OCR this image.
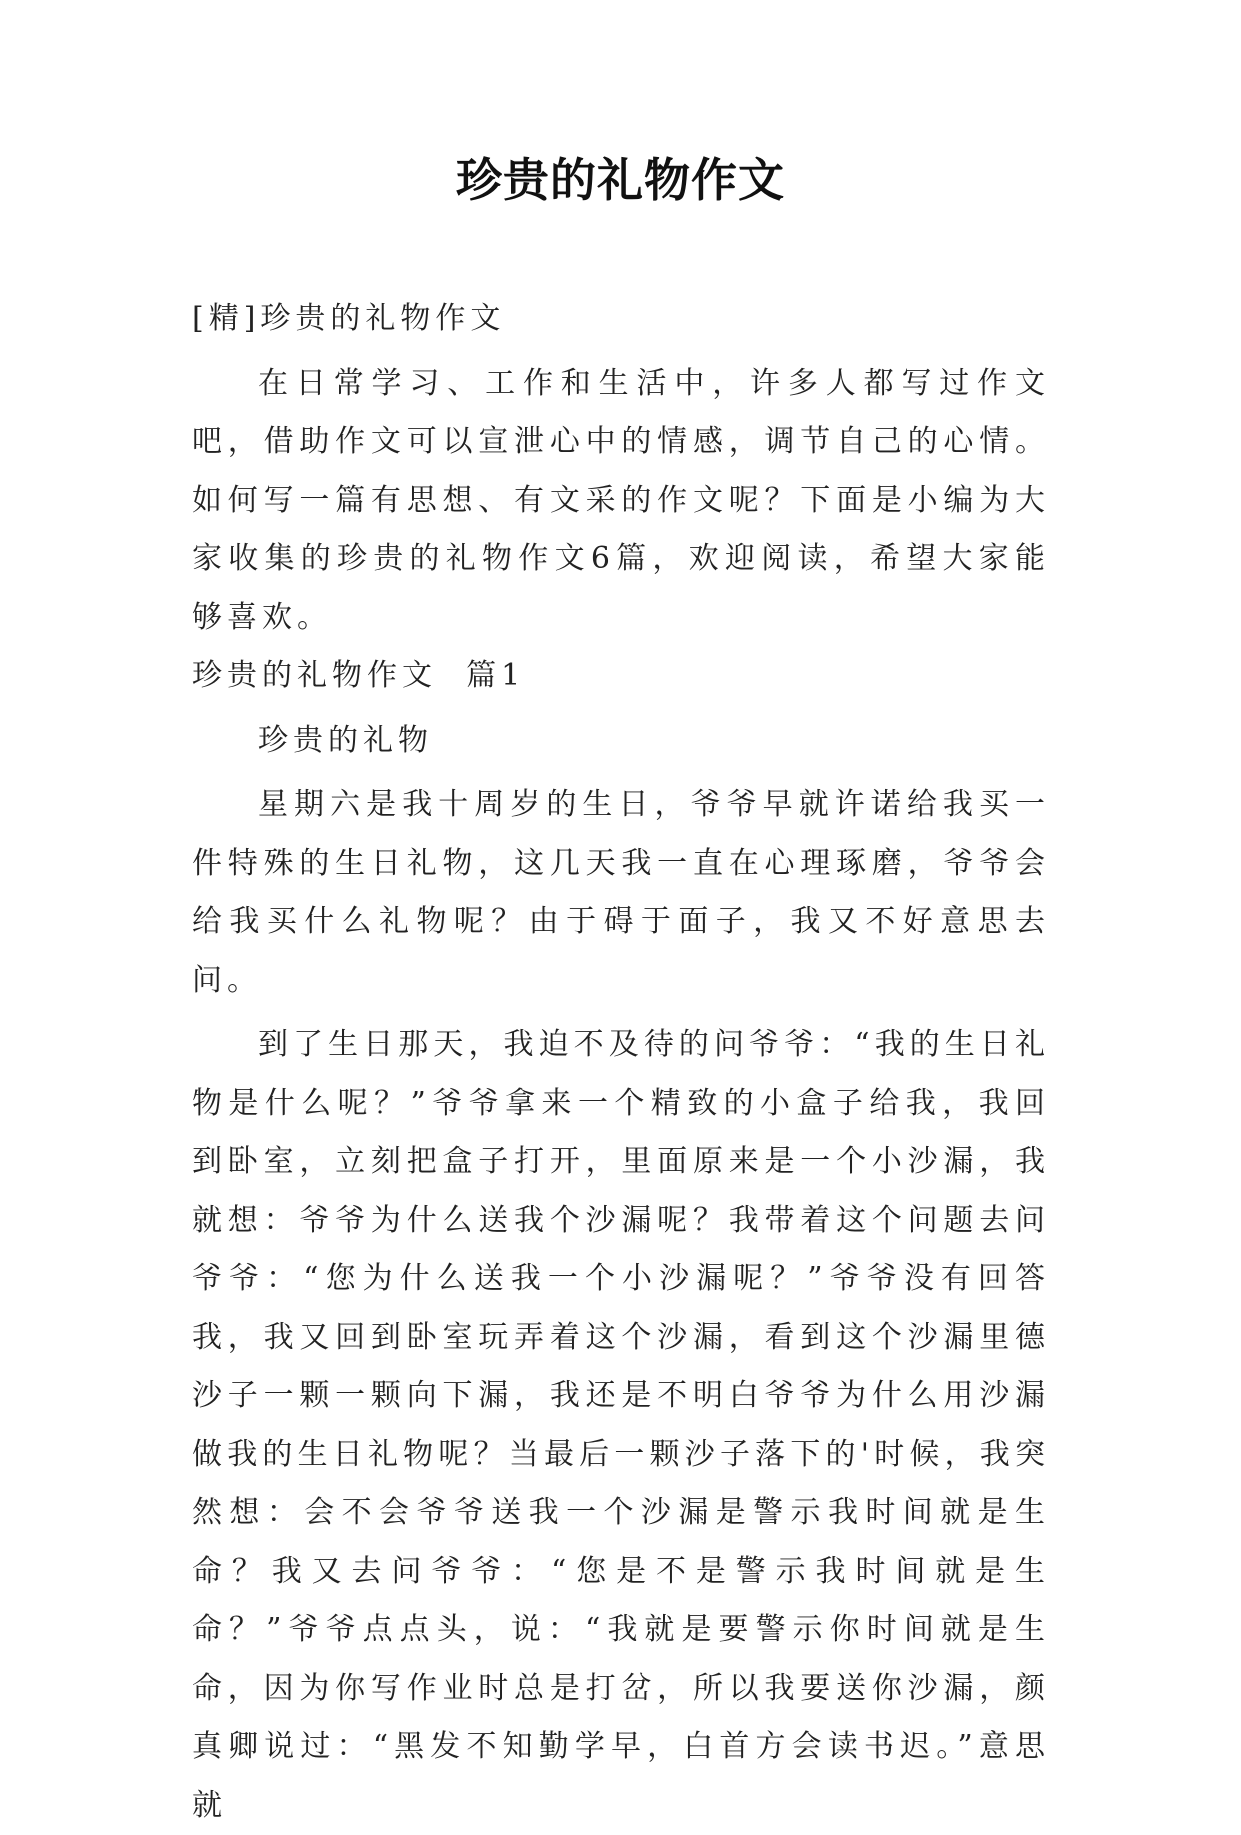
珍贵的礼物作文

[精]珍贵的礼物作文

在日常学习、工作和生活中，许多人都写过作文吧，借助作文可以宣泄心中的情感，调节自己的心情。如何写一篇有思想、有文采的作文呢？下面是小编为大家收集的珍贵的礼物作文6篇，欢迎阅读，希望大家能够喜欢。

珍贵的礼物作文  篇1

珍贵的礼物

星期六是我十周岁的生日，爷爷早就许诺给我买一件特殊的生日礼物，这几天我一直在心理琢磨，爷爷会给我买什么礼物呢？由于碍于面子，我又不好意思去问。

到了生日那天，我迫不及待的问爷爷：“我的生日礼物是什么呢？”爷爷拿来一个精致的小盒子给我，我回到卧室，立刻把盒子打开，里面原来是一个小沙漏，我就想：爷爷为什么送我个沙漏呢？我带着这个问题去问爷爷：“您为什么送我一个小沙漏呢？”爷爷没有回答我，我又回到卧室玩弄着这个沙漏，看到这个沙漏里德沙子一颗一颗向下漏，我还是不明白爷爷为什么用沙漏做我的生日礼物呢？当最后一颗沙子落下的'时候，我突然想：会不会爷爷送我一个沙漏是警示我时间就是生命？我又去问爷爷：“您是不是警示我时间就是生命？”爷爷点点头，说：“我就是要警示你时间就是生命，因为你写作业时总是打岔，所以我要送你沙漏，颜真卿说过：“黑发不知勤学早，白首方会读书迟。”意思就
